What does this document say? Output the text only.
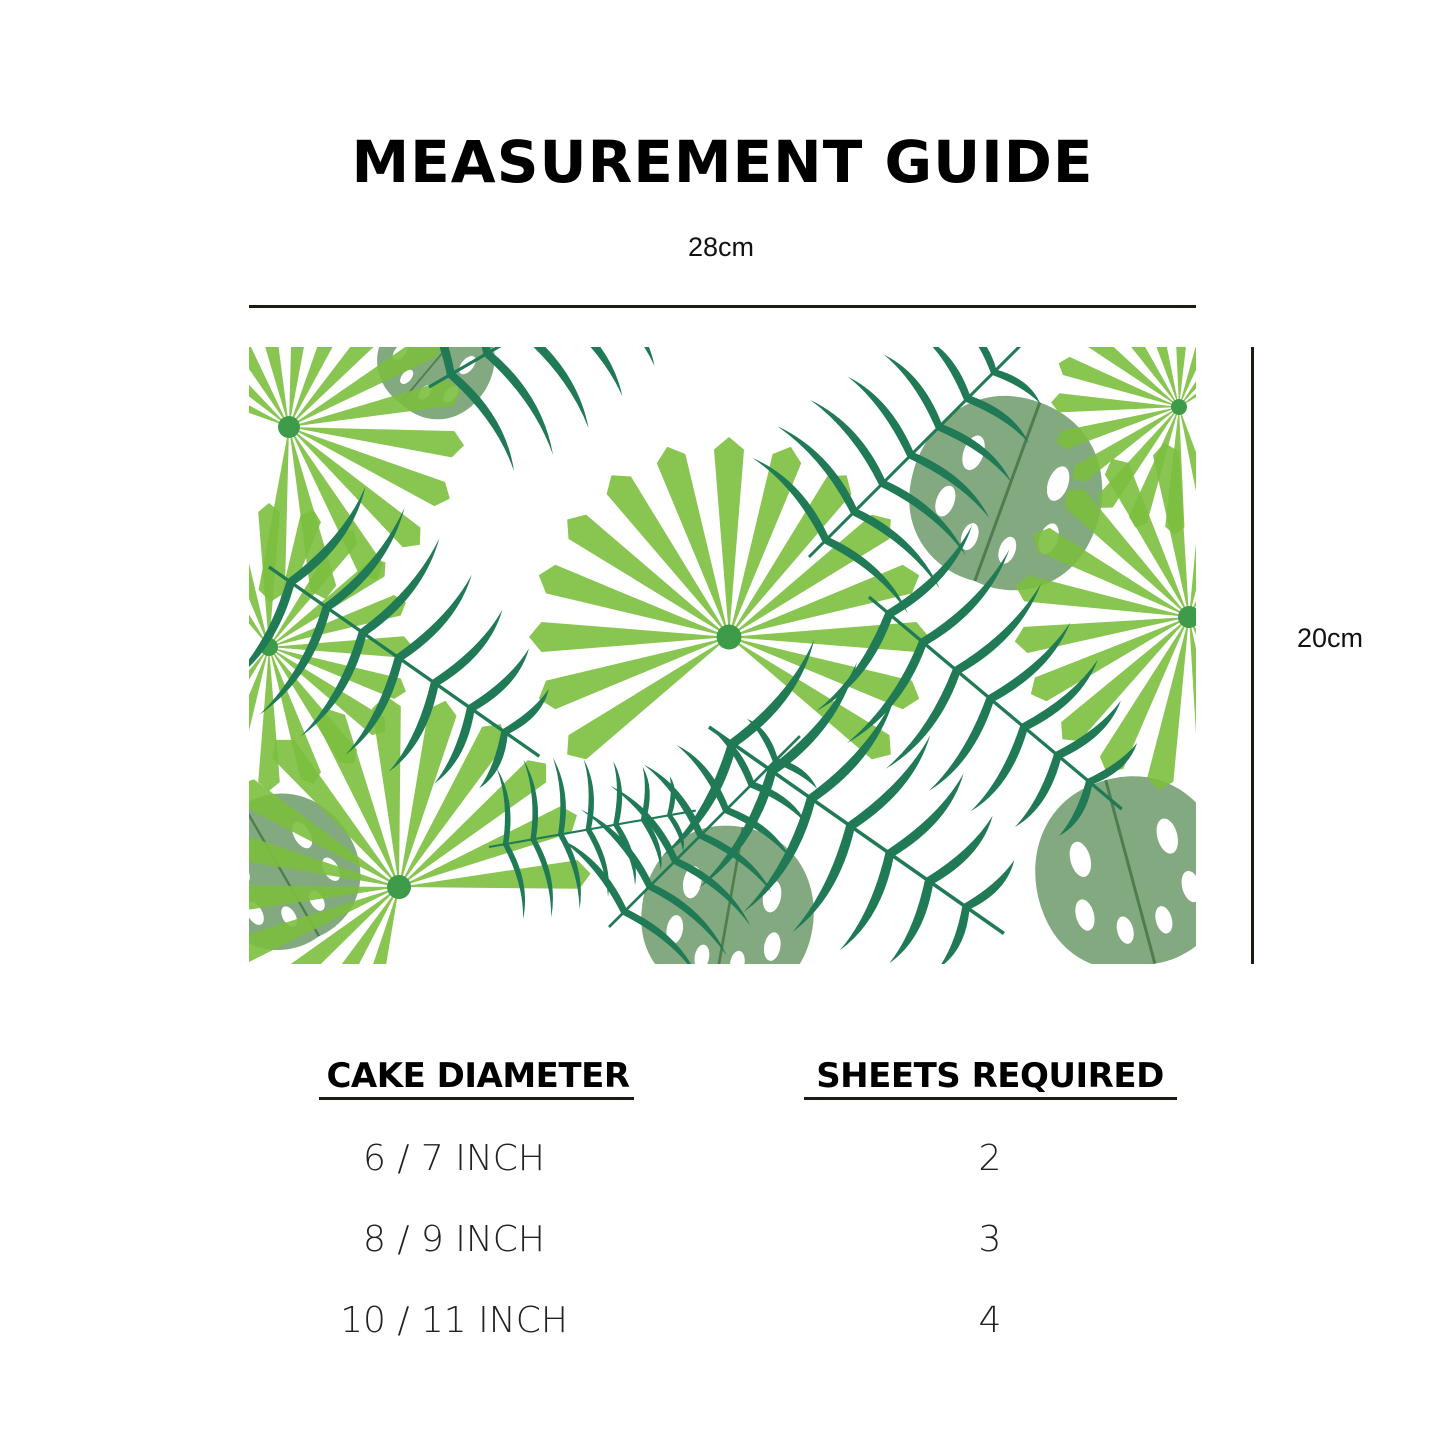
MEASUREMENT GUIDE
28cm
20cm
CAKE DIAMETER	SHEETS REQUIRED
6 / 7 INCH	2
8 / 9 INCH	3
10 / 11 INCH	4
